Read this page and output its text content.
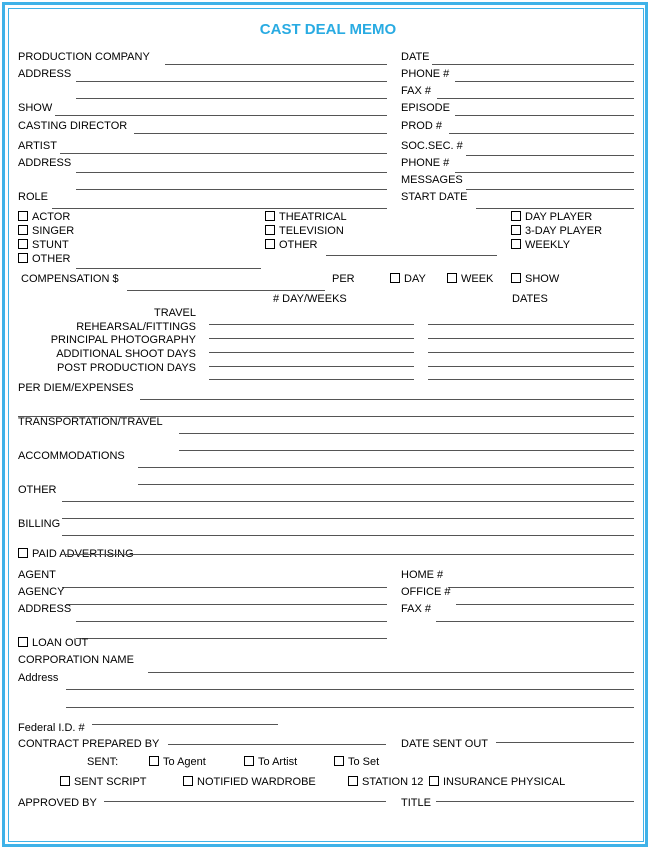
CAST DEAL MEMO
PRODUCTION COMPANY	DATE
ADDRESS	PHONE #
FAX #
SHOW	EPISODE
CASTING DIRECTOR	PROD #
ARTIST	SOC.SEC. #
ADDRESS	PHONE #
MESSAGES
ROLE	START DATE
ACTOR
SINGER
STUNT
OTHER
THEATRICAL
TELEVISION
OTHER
DAY PLAYER
3-DAY PLAYER
WEEKLY
COMPENSATION $	PER	DAY	WEEK	SHOW
# DAY/WEEKS	DATES
TRAVEL
REHEARSAL/FITTINGS
PRINCIPAL PHOTOGRAPHY
ADDITIONAL SHOOT DAYS
POST PRODUCTION DAYS
PER DIEM/EXPENSES
TRANSPORTATION/TRAVEL
ACCOMMODATIONS
OTHER
BILLING
PAID ADVERTISING
AGENT	HOME #
AGENCY	OFFICE #
ADDRESS	FAX #
LOAN OUT
CORPORATION NAME
Address
Federal I.D. #
CONTRACT PREPARED BY	DATE SENT OUT
SENT:	To Agent	To Artist	To Set
SENT SCRIPT	NOTIFIED WARDROBE	STATION 12	INSURANCE PHYSICAL
APPROVED BY	TITLE
